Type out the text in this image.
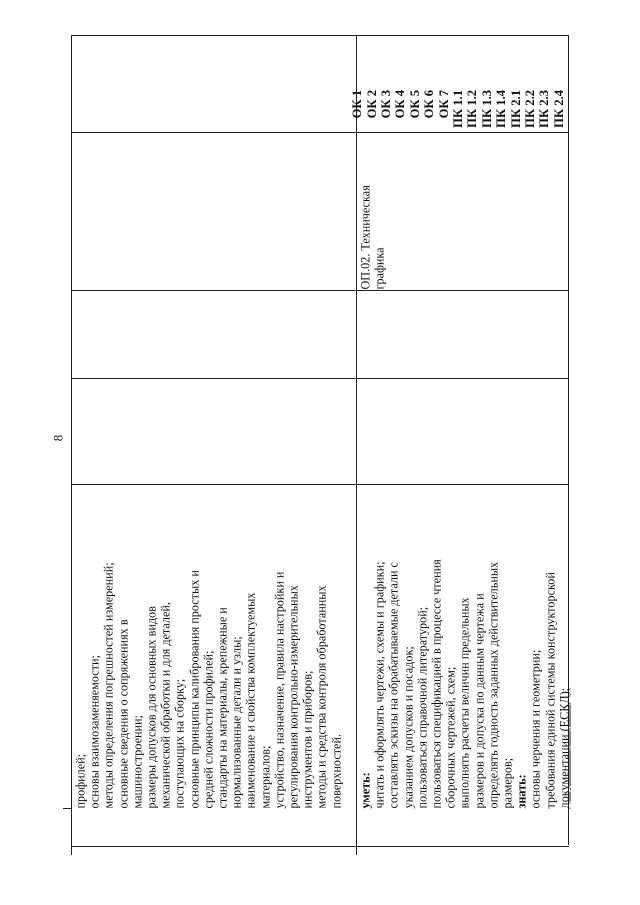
8
профилей; основы взаимозаменяемости; методы определения погрешностей измерений; основные сведения о сопряжениях в машиностроении; размеры допусков для основных видов механической обработки и для деталей, поступающих на сборку; основные принципы калибрования простых и средней сложности профилей; стандарты на материалы, крепежные и нормализованные детали и узлы; наименование и свойства комплектуемых материалов; устройство, назначение, правила настройки и регулирования контрольно-измерительных инструментов и приборов; методы и средства контроля обработанных поверхностей. уметь: читать и оформлять чертежи, схемы и графики; составлять эскизы на обрабатываемые детали с указанием допусков и посадок; пользоваться справочной литературой; пользоваться спецификацией в процессе чтения сборочных чертежей, схем; выполнять расчеты величин предельных размеров и допуска по данным чертежа и определять годность заданных действительных размеров; знать: основы черчения и геометрии; требования единой системы конструкторской документации (ЕСКД);
ОП.02. Техническая графика
ОК 1 ОК 2 ОК 3 ОК 4 ОК 5 ОК 6 ОК 7 ПК 1.1 ПК 1.2 ПК 1.3 ПК 1.4 ПК 2.1 ПК 2.2 ПК 2.3 ПК 2.4
